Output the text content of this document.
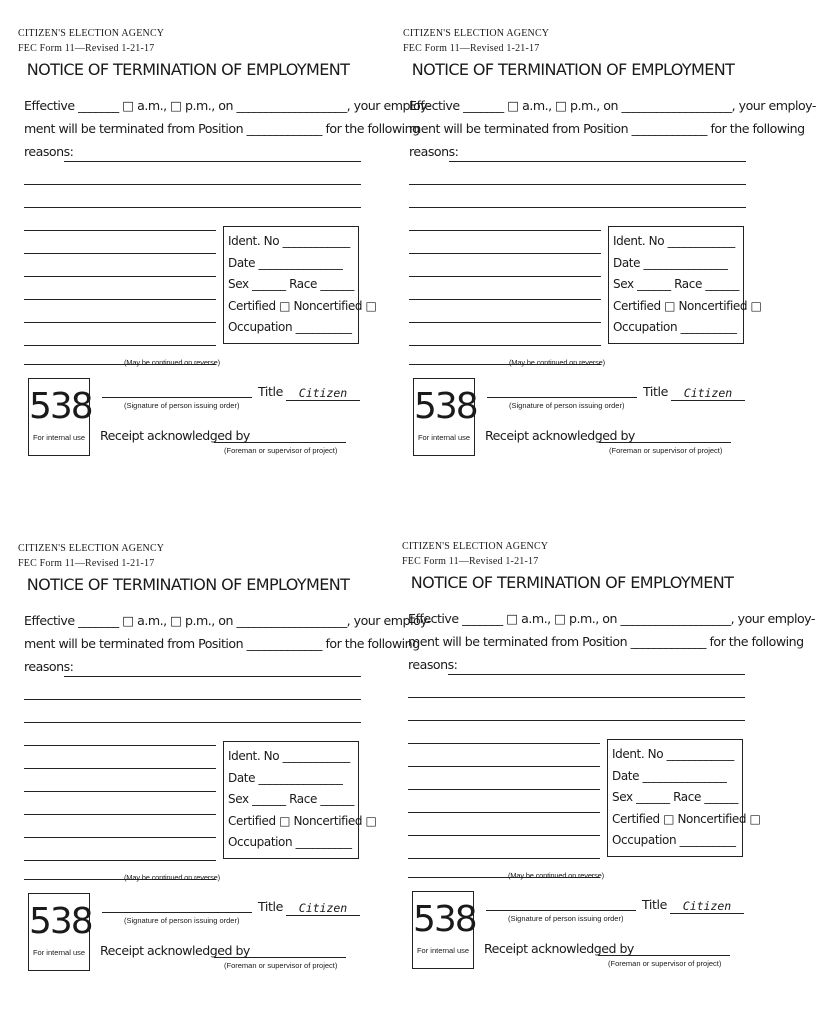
CITIZEN'S ELECTION AGENCY
FEC Form 11—Revised 1-21-17
NOTICE OF TERMINATION OF EMPLOYMENT
Effective _______ □ a.m., □ p.m., on ___________________, your employ-
ment will be terminated from Position _____________ for the following
reasons:
Ident. No ____________
Date _______________
Sex ______ Race ______
Certified □ Noncertified □
Occupation __________
(May be continued on reverse)
538
For internal use
(Signature of person issuing order)
Title	Citizen
Receipt acknowledged by
(Foreman or supervisor of project)
CITIZEN'S ELECTION AGENCY
FEC Form 11—Revised 1-21-17
NOTICE OF TERMINATION OF EMPLOYMENT
Effective _______ □ a.m., □ p.m., on ___________________, your employ-
ment will be terminated from Position _____________ for the following
reasons:
Ident. No ____________
Date _______________
Sex ______ Race ______
Certified □ Noncertified □
Occupation __________
(May be continued on reverse)
538
For internal use
(Signature of person issuing order)
Title	Citizen
Receipt acknowledged by
(Foreman or supervisor of project)
CITIZEN'S ELECTION AGENCY
FEC Form 11—Revised 1-21-17
NOTICE OF TERMINATION OF EMPLOYMENT
Effective _______ □ a.m., □ p.m., on ___________________, your employ-
ment will be terminated from Position _____________ for the following
reasons:
Ident. No ____________
Date _______________
Sex ______ Race ______
Certified □ Noncertified □
Occupation __________
(May be continued on reverse)
538
For internal use
(Signature of person issuing order)
Title	Citizen
Receipt acknowledged by
(Foreman or supervisor of project)
CITIZEN'S ELECTION AGENCY
FEC Form 11—Revised 1-21-17
NOTICE OF TERMINATION OF EMPLOYMENT
Effective _______ □ a.m., □ p.m., on ___________________, your employ-
ment will be terminated from Position _____________ for the following
reasons:
Ident. No ____________
Date _______________
Sex ______ Race ______
Certified □ Noncertified □
Occupation __________
(May be continued on reverse)
538
For internal use
(Signature of person issuing order)
Title	Citizen
Receipt acknowledged by
(Foreman or supervisor of project)
